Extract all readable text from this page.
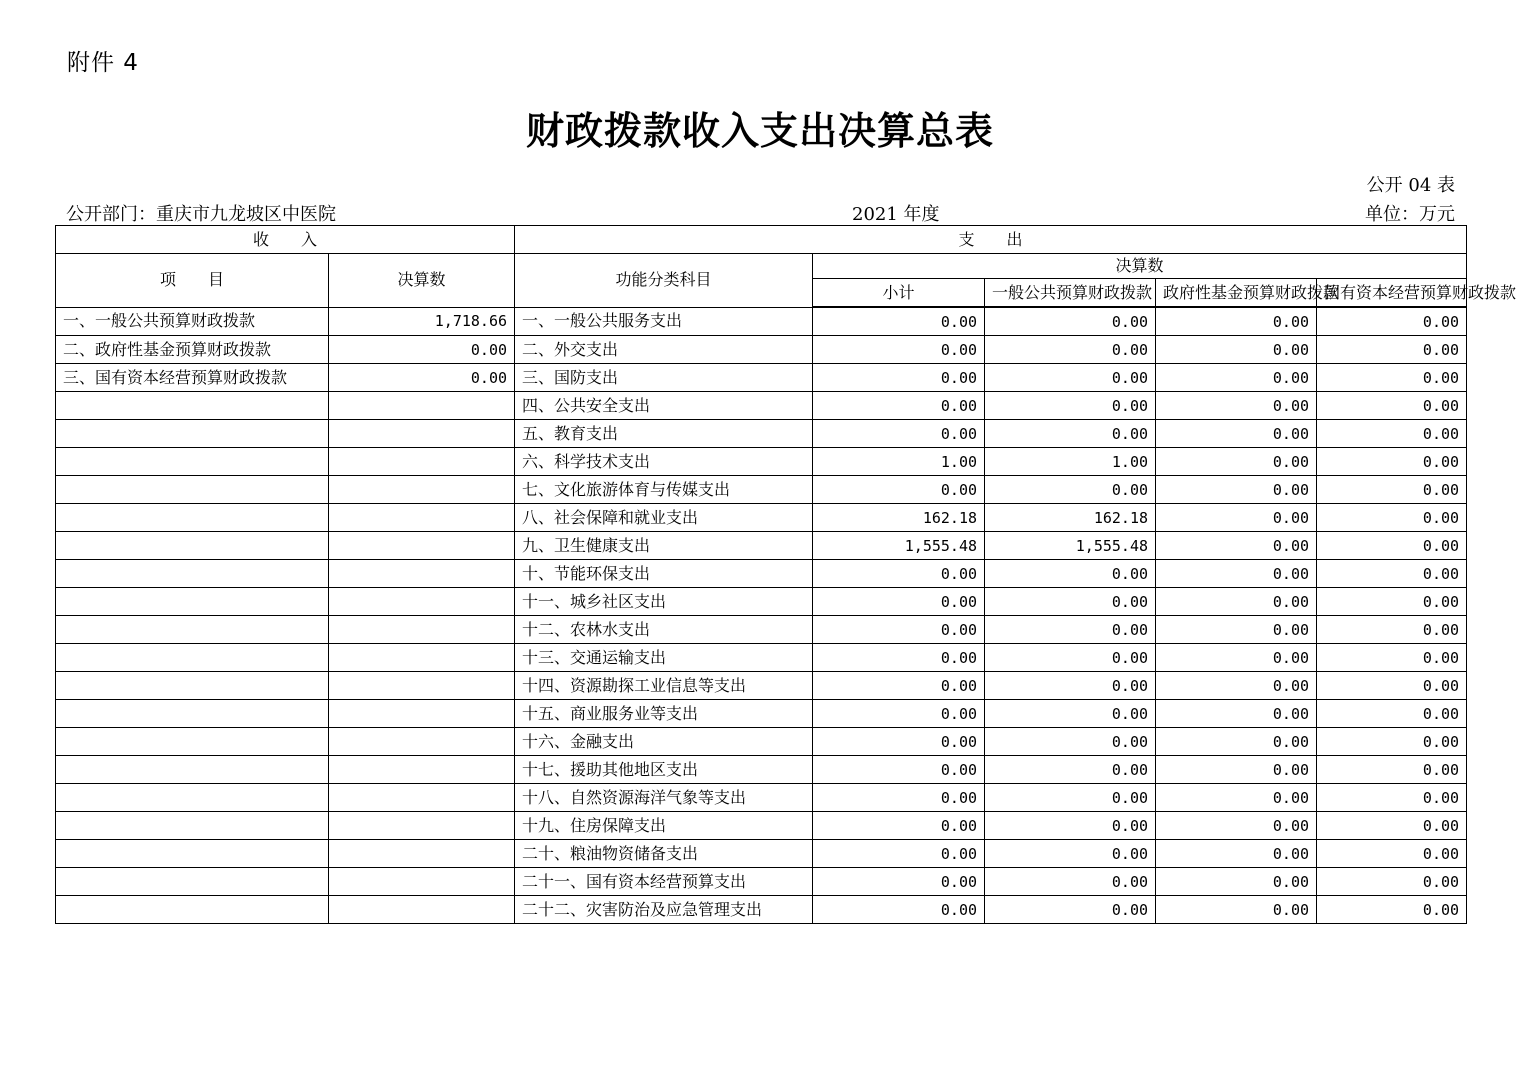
附件 4
财政拨款收入支出决算总表
公开 04 表
公开部门：重庆市九龙坡区中医院	2021 年度	单位：万元
收　　入		支　　出				
项　　目	决算数	功能分类科目	决算数			
			小计	一般公共预算财政拨款	政府性基金预算财政拨款	国有资本经营预算财政拨款
一、一般公共预算财政拨款	1,718.66	一、一般公共服务支出	0.00	0.00	0.00	0.00
二、政府性基金预算财政拨款	0.00	二、外交支出	0.00	0.00	0.00	0.00
三、国有资本经营预算财政拨款	0.00	三、国防支出	0.00	0.00	0.00	0.00
		四、公共安全支出	0.00	0.00	0.00	0.00
		五、教育支出	0.00	0.00	0.00	0.00
		六、科学技术支出	1.00	1.00	0.00	0.00
		七、文化旅游体育与传媒支出	0.00	0.00	0.00	0.00
		八、社会保障和就业支出	162.18	162.18	0.00	0.00
		九、卫生健康支出	1,555.48	1,555.48	0.00	0.00
		十、节能环保支出	0.00	0.00	0.00	0.00
		十一、城乡社区支出	0.00	0.00	0.00	0.00
		十二、农林水支出	0.00	0.00	0.00	0.00
		十三、交通运输支出	0.00	0.00	0.00	0.00
		十四、资源勘探工业信息等支出	0.00	0.00	0.00	0.00
		十五、商业服务业等支出	0.00	0.00	0.00	0.00
		十六、金融支出	0.00	0.00	0.00	0.00
		十七、援助其他地区支出	0.00	0.00	0.00	0.00
		十八、自然资源海洋气象等支出	0.00	0.00	0.00	0.00
		十九、住房保障支出	0.00	0.00	0.00	0.00
		二十、粮油物资储备支出	0.00	0.00	0.00	0.00
		二十一、国有资本经营预算支出	0.00	0.00	0.00	0.00
		二十二、灾害防治及应急管理支出	0.00	0.00	0.00	0.00
